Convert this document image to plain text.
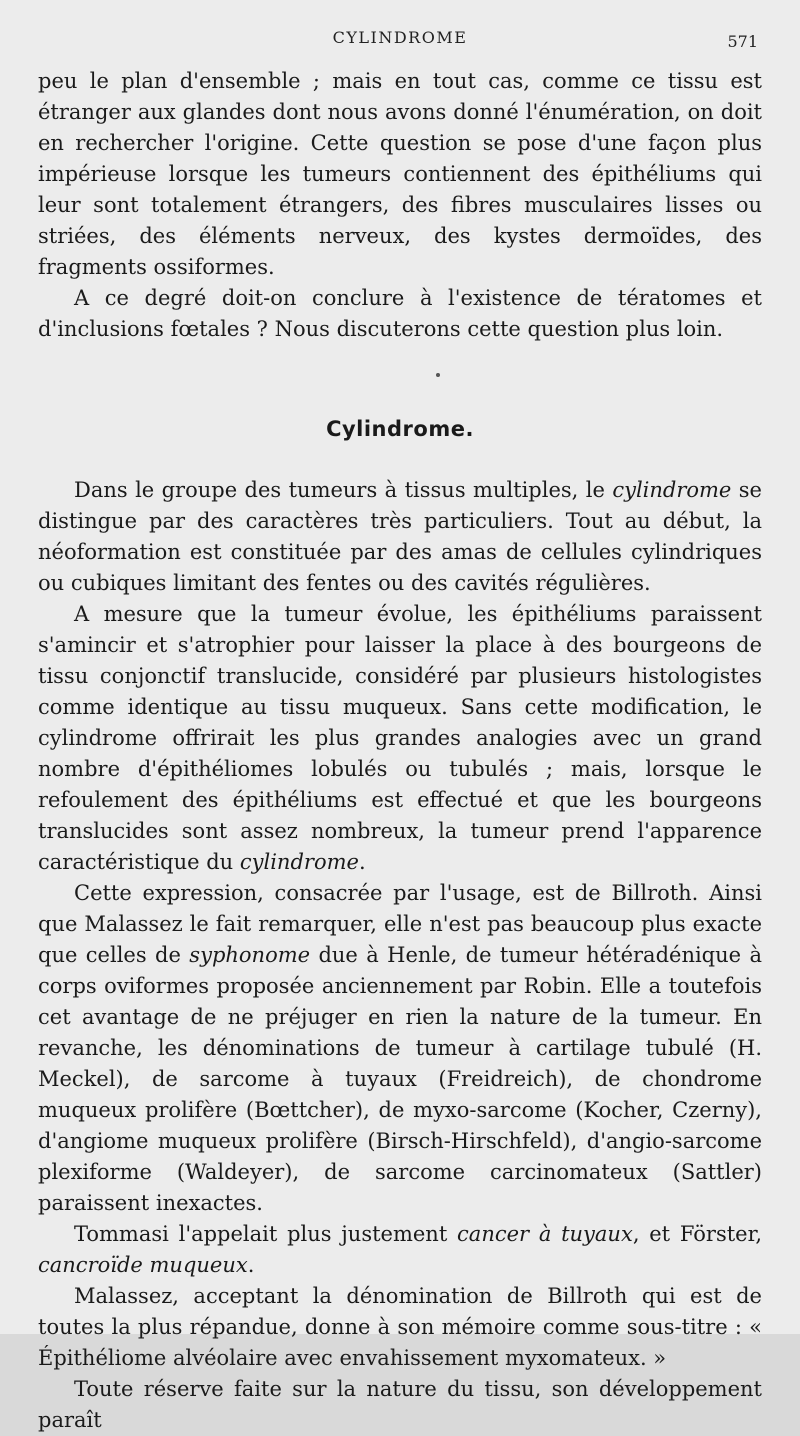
CYLINDROME	571

peu le plan d'ensemble ; mais en tout cas, comme ce tissu est étranger aux glandes dont nous avons donné l'énumération, on doit en rechercher l'origine. Cette question se pose d'une façon plus impérieuse lorsque les tumeurs contiennent des épithéliums qui leur sont totalement étrangers, des fibres musculaires lisses ou striées, des éléments nerveux, des kystes dermoïdes, des fragments ossiformes.

A ce degré doit-on conclure à l'existence de tératomes et d'inclusions fœtales ? Nous discuterons cette question plus loin.

Cylindrome.

Dans le groupe des tumeurs à tissus multiples, le cylindrome se distingue par des caractères très particuliers. Tout au début, la néoformation est constituée par des amas de cellules cylindriques ou cubiques limitant des fentes ou des cavités régulières.

A mesure que la tumeur évolue, les épithéliums paraissent s'amincir et s'atrophier pour laisser la place à des bourgeons de tissu conjonctif translucide, considéré par plusieurs histologistes comme identique au tissu muqueux. Sans cette modification, le cylindrome offrirait les plus grandes analogies avec un grand nombre d'épithéliomes lobulés ou tubulés ; mais, lorsque le refoulement des épithéliums est effectué et que les bourgeons translucides sont assez nombreux, la tumeur prend l'apparence caractéristique du cylindrome.

Cette expression, consacrée par l'usage, est de Billroth. Ainsi que Malassez le fait remarquer, elle n'est pas beaucoup plus exacte que celles de syphonome due à Henle, de tumeur hétéradénique à corps oviformes proposée anciennement par Robin. Elle a toutefois cet avantage de ne préjuger en rien la nature de la tumeur. En revanche, les dénominations de tumeur à cartilage tubulé (H. Meckel), de sarcome à tuyaux (Freidreich), de chondrome muqueux prolifère (Bœttcher), de myxo-sarcome (Kocher, Czerny), d'angiome muqueux prolifère (Birsch-Hirschfeld), d'angio-sarcome plexiforme (Waldeyer), de sarcome carcinomateux (Sattler) paraissent inexactes.

Tommasi l'appelait plus justement cancer à tuyaux, et Förster, cancroïde muqueux.

Malassez, acceptant la dénomination de Billroth qui est de toutes la plus répandue, donne à son mémoire comme sous-titre : « Épithéliome alvéolaire avec envahissement myxomateux. »

Toute réserve faite sur la nature du tissu, son développement paraît
